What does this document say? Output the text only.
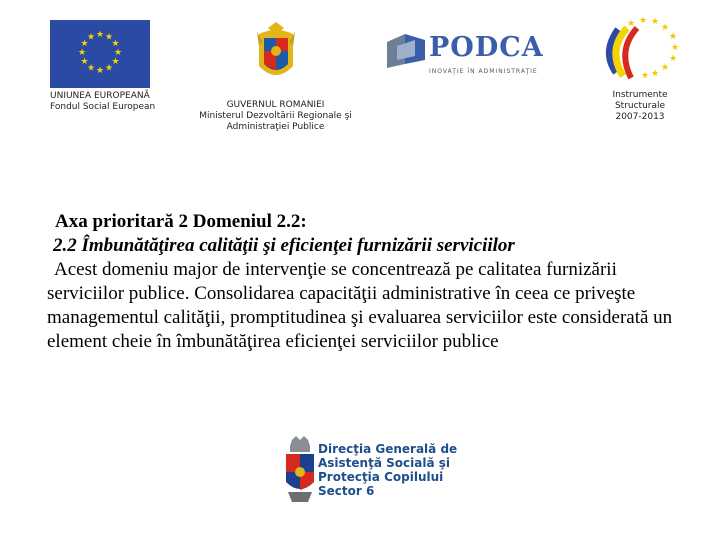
★ ★
★
★
★
★
★
★
★
★
★
★
UNIUNEA EUROPEANĂ
Fondul Social European	GUVERNUL ROMANIEI
Ministerul Dezvoltării Regionale şi
Administraţiei Publice
PODCA
INOVAŢIE ÎN ADMINISTRAŢIE
★ ★ ★
★
★
★
★
★
★
★
Instrumente
Structurale
2007-2013
Axa prioritară 2 Domeniul 2.2:
2.2 Îmbunătăţirea calităţii şi eficienţei furnizării serviciilor

Acest domeniu major de intervenţie se concentrează pe calitatea furnizării serviciilor publice. Consolidarea capacităţii administrative în ceea ce priveşte managementul calităţii, promptitudinea şi evaluarea serviciilor este considerată un element cheie în îmbunătăţirea eficienţei serviciilor publice

Direcţia Generală de
Asistenţă Socială şi
Protecţia Copilului
Sector 6
